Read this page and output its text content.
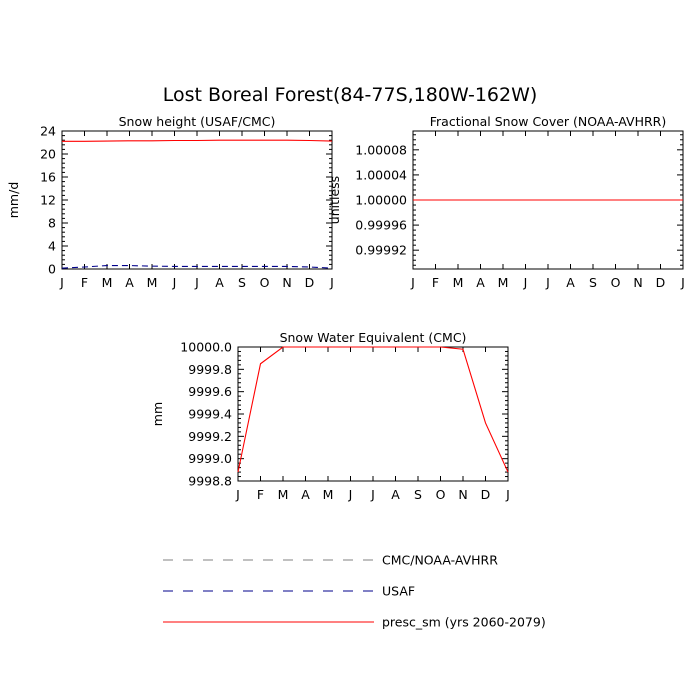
Lost Boreal Forest(84-77S,180W-162W)
Snow height (USAF/CMC)
mm/d
J F M A M J J A S O N D J
0
4
8
12
16
20
24
Fractional Snow Cover (NOAA-AVHRR)
unitless
J F M A M J J A S O N D J
0.99992
0.99996
1.00000
1.00004
1.00008
Snow Water Equivalent (CMC)
mm
J F M A M J J A S O N D J
9998.8
9999.0
9999.2
9999.4
9999.6
9999.8
10000.0
CMC/NOAA-AVHRR
USAF
presc_sm (yrs 2060-2079)
